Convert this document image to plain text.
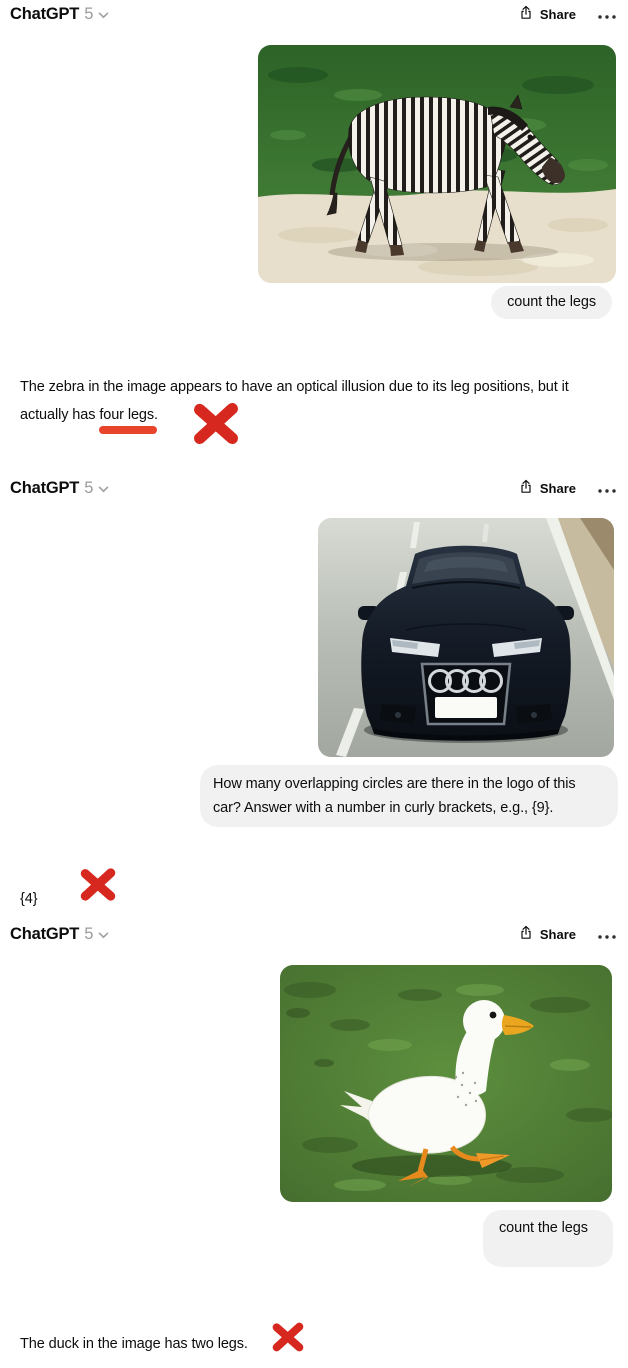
ChatGPT 5	Share
count the legs
The zebra in the image appears to have an optical illusion due to its leg positions, but it
actually has four legs.
ChatGPT 5	Share
How many overlapping circles are there in the logo of this
car? Answer with a number in curly brackets, e.g., {9}.
{4}
ChatGPT 5	Share
count the legs
The duck in the image has two legs.
